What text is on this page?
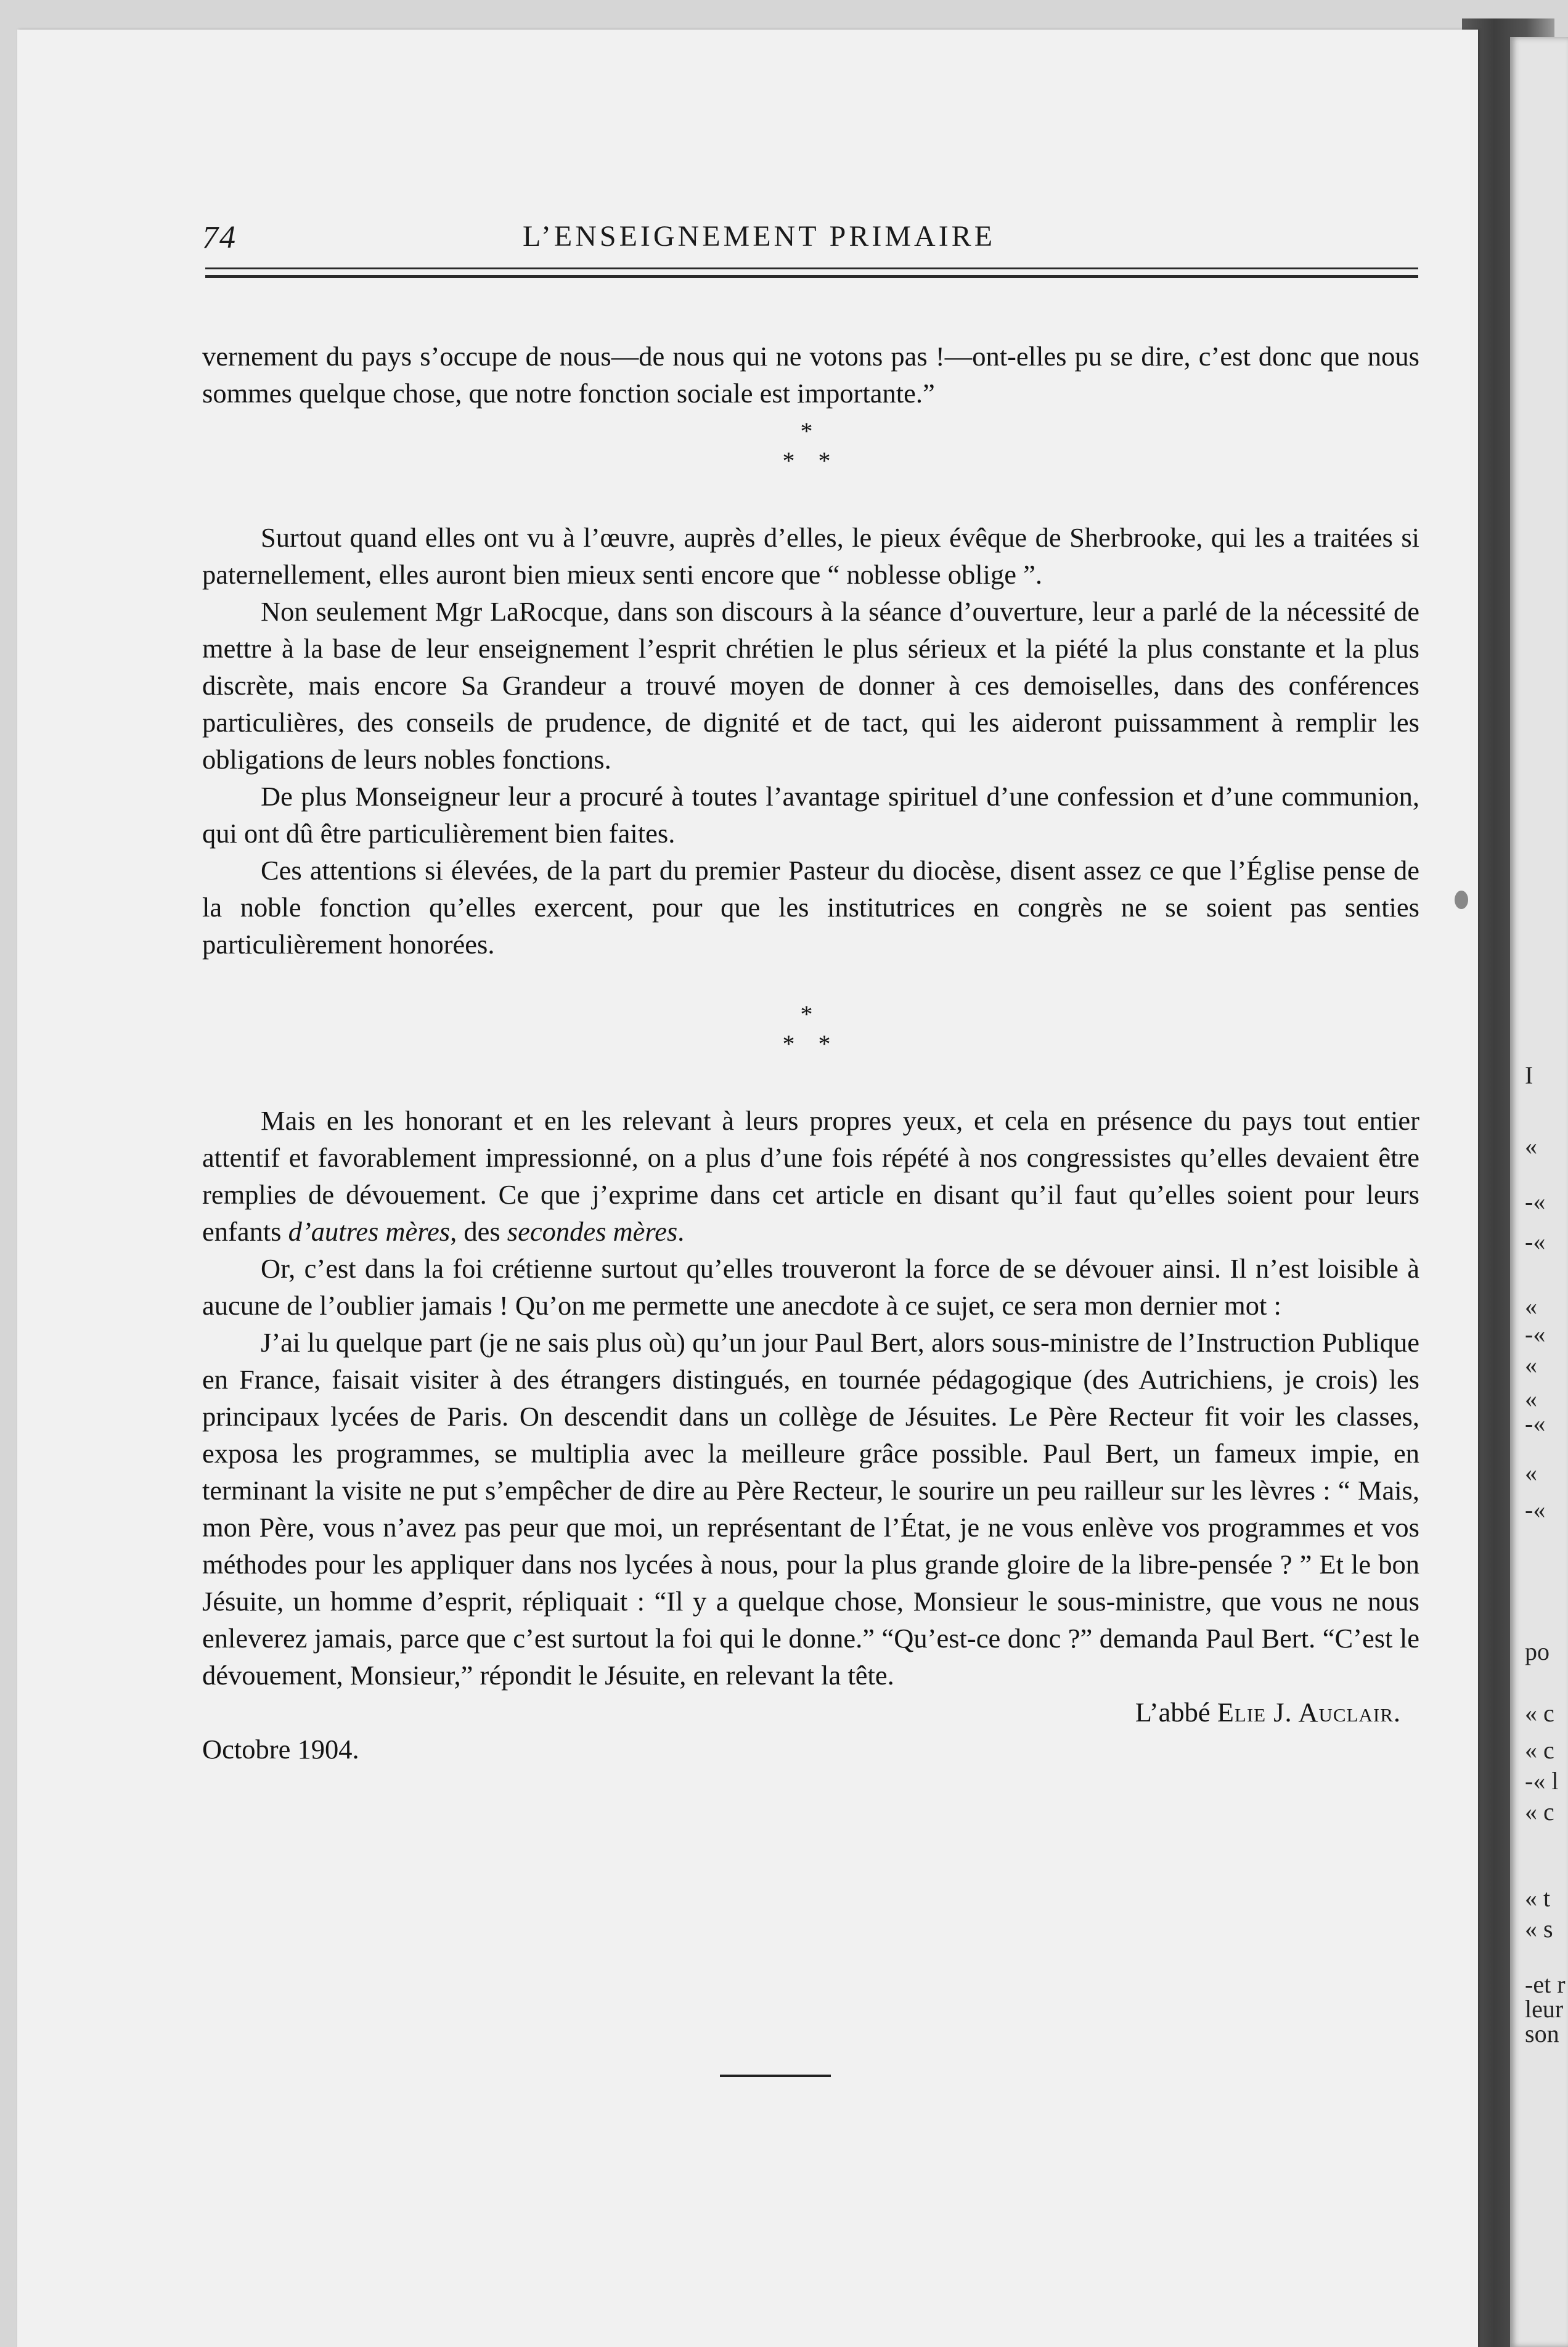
I
«
-«
-«
«
-«
«
«
-«
«
-«
po
« c
« c
-« l
« c
« t
« s
-et r
leur
son
74	L’ENSEIGNEMENT PRIMAIRE

vernement du pays s’occupe de nous—de nous qui ne votons pas !—ont-elles pu se dire, c’est donc que nous sommes quelque chose, que notre fonction sociale est importante.”

*

* *

Surtout quand elles ont vu à l’œuvre, auprès d’elles, le pieux évêque de Sherbrooke, qui les a traitées si paternellement, elles auront bien mieux senti encore que “ noblesse oblige ”.

Non seulement Mgr LaRocque, dans son discours à la séance d’ouverture, leur a parlé de la nécessité de mettre à la base de leur enseignement l’esprit chrétien le plus sérieux et la piété la plus constante et la plus discrète, mais encore Sa Grandeur a trouvé moyen de donner à ces demoiselles, dans des conférences particulières, des conseils de prudence, de dignité et de tact, qui les aideront puissamment à remplir les obligations de leurs nobles fonctions.

De plus Monseigneur leur a procuré à toutes l’avantage spirituel d’une confession et d’une communion, qui ont dû être particulièrement bien faites.

Ces attentions si élevées, de la part du premier Pasteur du diocèse, disent assez ce que l’Église pense de la noble fonction qu’elles exercent, pour que les institutrices en congrès ne se soient pas senties particulièrement honorées.

*

* *

Mais en les honorant et en les relevant à leurs propres yeux, et cela en présence du pays tout entier attentif et favorablement impressionné, on a plus d’une fois répété à nos congressistes qu’elles devaient être remplies de dévouement. Ce que j’exprime dans cet article en disant qu’il faut qu’elles soient pour leurs enfants d’autres mères, des secondes mères.

Or, c’est dans la foi crétienne surtout qu’elles trouveront la force de se dévouer ainsi. Il n’est loisible à aucune de l’oublier jamais ! Qu’on me permette une anecdote à ce sujet, ce sera mon dernier mot :

J’ai lu quelque part (je ne sais plus où) qu’un jour Paul Bert, alors sous-ministre de l’Instruction Publique en France, faisait visiter à des étrangers distingués, en tournée pédagogique (des Autrichiens, je crois) les principaux lycées de Paris. On descendit dans un collège de Jésuites. Le Père Recteur fit voir les classes, exposa les programmes, se multiplia avec la meilleure grâce possible. Paul Bert, un fameux impie, en terminant la visite ne put s’empêcher de dire au Père Recteur, le sourire un peu railleur sur les lèvres : “ Mais, mon Père, vous n’avez pas peur que moi, un représentant de l’État, je ne vous enlève vos programmes et vos méthodes pour les appliquer dans nos lycées à nous, pour la plus grande gloire de la libre-pensée ? ” Et le bon Jésuite, un homme d’esprit, répliquait : “Il y a quelque chose, Monsieur le sous-ministre, que vous ne nous enleverez jamais, parce que c’est surtout la foi qui le donne.” “Qu’est-ce donc ?” demanda Paul Bert. “C’est le dévouement, Monsieur,” répondit le Jésuite, en relevant la tête.

L’abbé Elie J. Auclair.

Octobre 1904.
